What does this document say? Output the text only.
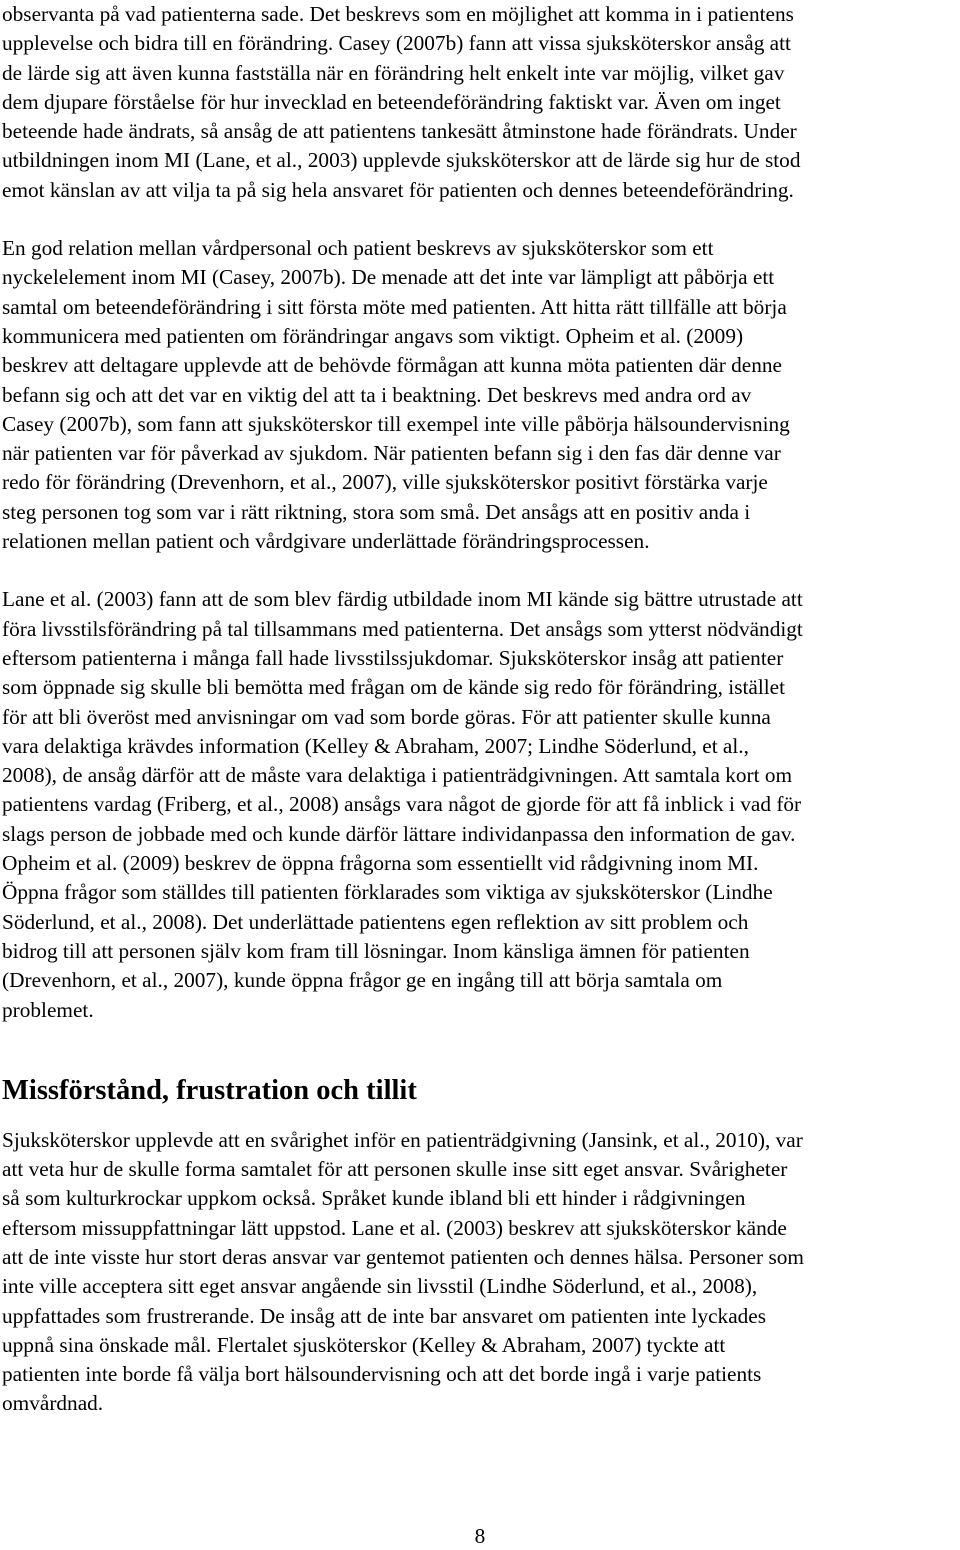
observanta på vad patienterna sade. Det beskrevs som en möjlighet att komma in i patientens

upplevelse och bidra till en förändring. Casey (2007b) fann att vissa sjuksköterskor ansåg att

de lärde sig att även kunna fastställa när en förändring helt enkelt inte var möjlig, vilket gav

dem djupare förståelse för hur invecklad en beteendeförändring faktiskt var. Även om inget

beteende hade ändrats, så ansåg de att patientens tankesätt åtminstone hade förändrats. Under

utbildningen inom MI (Lane, et al., 2003) upplevde sjuksköterskor att de lärde sig hur de stod

emot känslan av att vilja ta på sig hela ansvaret för patienten och dennes beteendeförändring.

En god relation mellan vårdpersonal och patient beskrevs av sjuksköterskor som ett

nyckelelement inom MI (Casey, 2007b). De menade att det inte var lämpligt att påbörja ett

samtal om beteendeförändring i sitt första möte med patienten. Att hitta rätt tillfälle att börja

kommunicera med patienten om förändringar angavs som viktigt. Opheim et al. (2009)

beskrev att deltagare upplevde att de behövde förmågan att kunna möta patienten där denne

befann sig och att det var en viktig del att ta i beaktning. Det beskrevs med andra ord av

Casey (2007b), som fann att sjuksköterskor till exempel inte ville påbörja hälsoundervisning

när patienten var för påverkad av sjukdom. När patienten befann sig i den fas där denne var

redo för förändring (Drevenhorn, et al., 2007), ville sjuksköterskor positivt förstärka varje

steg personen tog som var i rätt riktning, stora som små. Det ansågs att en positiv anda i

relationen mellan patient och vårdgivare underlättade förändringsprocessen.

Lane et al. (2003) fann att de som blev färdig utbildade inom MI kände sig bättre utrustade att

föra livsstilsförändring på tal tillsammans med patienterna. Det ansågs som ytterst nödvändigt

eftersom patienterna i många fall hade livsstilssjukdomar. Sjuksköterskor insåg att patienter

som öppnade sig skulle bli bemötta med frågan om de kände sig redo för förändring, istället

för att bli överöst med anvisningar om vad som borde göras. För att patienter skulle kunna

vara delaktiga krävdes information (Kelley & Abraham, 2007; Lindhe Söderlund, et al.,

2008), de ansåg därför att de måste vara delaktiga i patienträdgivningen. Att samtala kort om

patientens vardag (Friberg, et al., 2008) ansågs vara något de gjorde för att få inblick i vad för

slags person de jobbade med och kunde därför lättare individanpassa den information de gav.

Opheim et al. (2009) beskrev de öppna frågorna som essentiellt vid rådgivning inom MI.

Öppna frågor som ställdes till patienten förklarades som viktiga av sjuksköterskor (Lindhe

Söderlund, et al., 2008). Det underlättade patientens egen reflektion av sitt problem och

bidrog till att personen själv kom fram till lösningar. Inom känsliga ämnen för patienten

(Drevenhorn, et al., 2007), kunde öppna frågor ge en ingång till att börja samtala om

problemet.

Missförstånd, frustration och tillit

Sjuksköterskor upplevde att en svårighet inför en patienträdgivning (Jansink, et al., 2010), var

att veta hur de skulle forma samtalet för att personen skulle inse sitt eget ansvar. Svårigheter

så som kulturkrockar uppkom också. Språket kunde ibland bli ett hinder i rådgivningen

eftersom missuppfattningar lätt uppstod. Lane et al. (2003) beskrev att sjuksköterskor kände

att de inte visste hur stort deras ansvar var gentemot patienten och dennes hälsa. Personer som

inte ville acceptera sitt eget ansvar angående sin livsstil (Lindhe Söderlund, et al., 2008),

uppfattades som frustrerande. De insåg att de inte bar ansvaret om patienten inte lyckades

uppnå sina önskade mål. Flertalet sjusköterskor (Kelley & Abraham, 2007) tyckte att

patienten inte borde få välja bort hälsoundervisning och att det borde ingå i varje patients

omvårdnad.

8
